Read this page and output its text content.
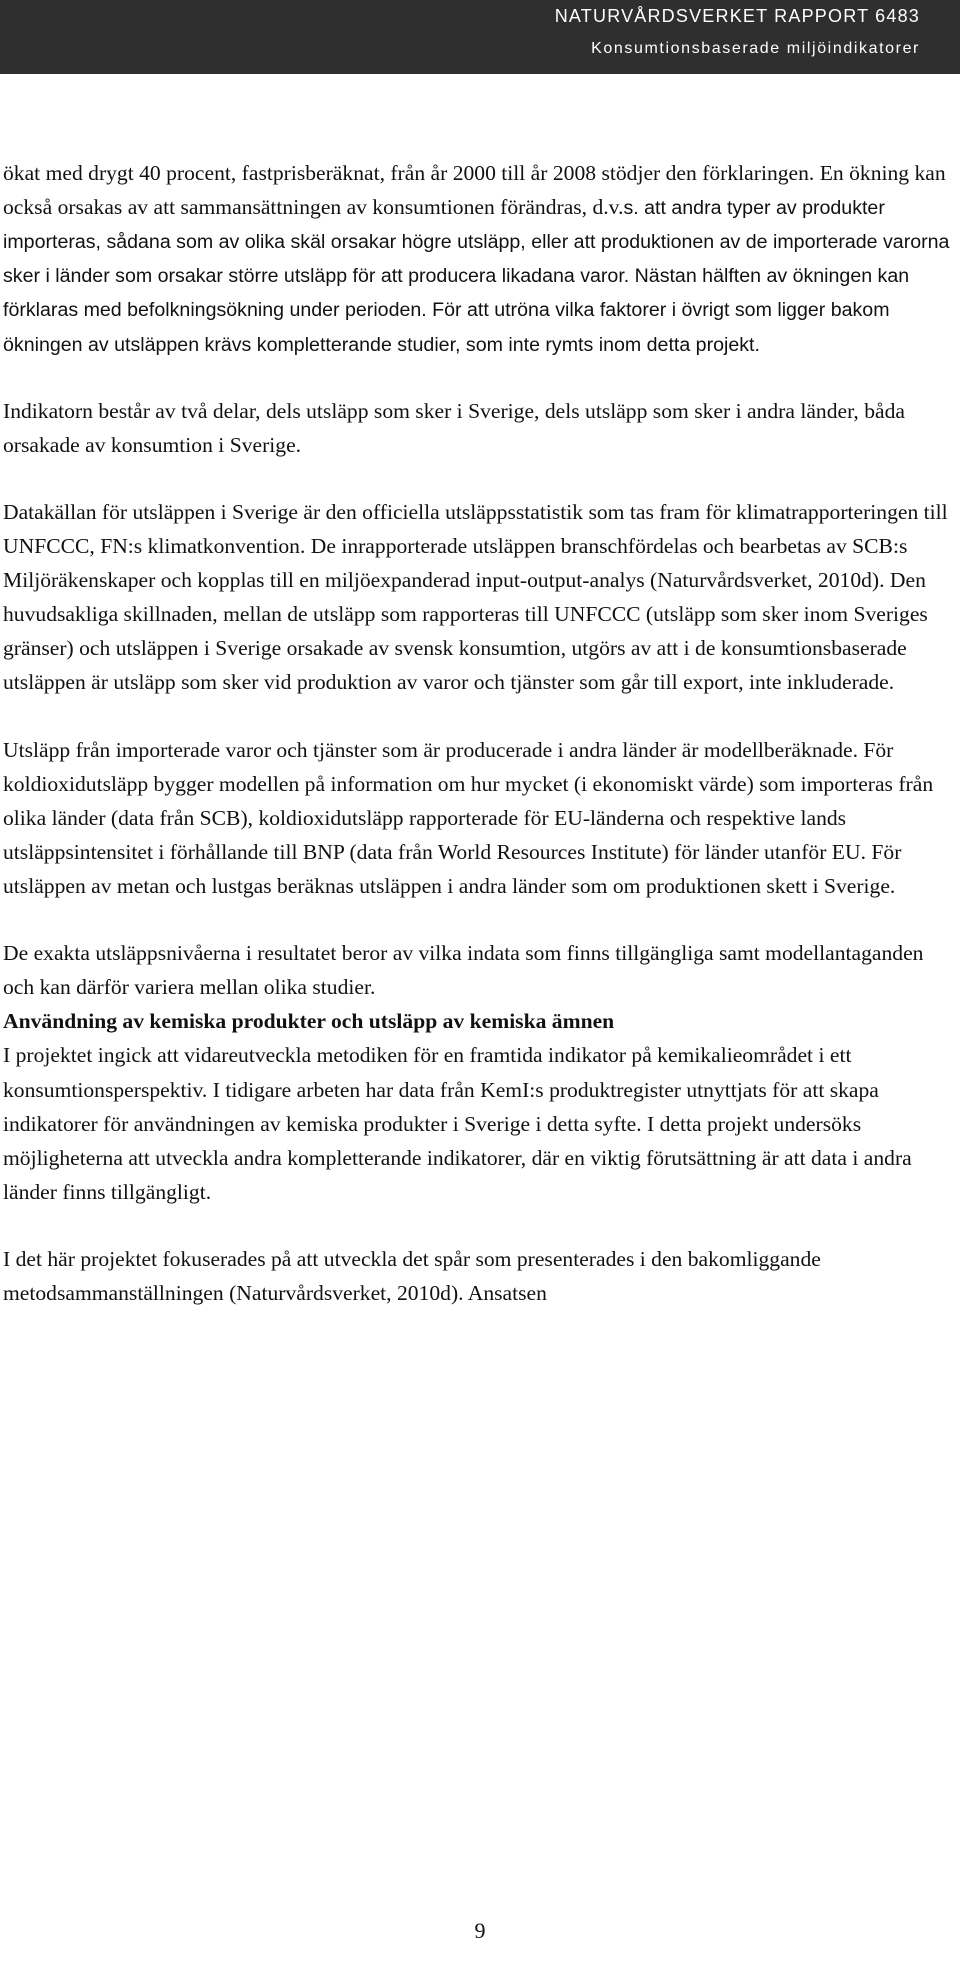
NATURVÅRDSVERKET RAPPORT 6483
Konsumtionsbaserade miljöindikatorer

ökat med drygt 40 procent, fastprisberäknat, från år 2000 till år 2008 stödjer den förklaringen. En ökning kan också orsakas av att sammansättningen av konsumtionen förändras, d.v.s. att andra typer av produkter importeras, sådana som av olika skäl orsakar högre utsläpp, eller att produktionen av de importerade varorna sker i länder som orsakar större utsläpp för att producera likadana varor. Nästan hälften av ökningen kan förklaras med befolkningsökning under perioden. För att utröna vilka faktorer i övrigt som ligger bakom ökningen av utsläppen krävs kompletterande studier, som inte rymts inom detta projekt.

Indikatorn består av två delar, dels utsläpp som sker i Sverige, dels utsläpp som sker i andra länder, båda orsakade av konsumtion i Sverige.

Datakällan för utsläppen i Sverige är den officiella utsläppsstatistik som tas fram för klimatrapporteringen till UNFCCC, FN:s klimatkonvention. De inrapporterade utsläppen branschfördelas och bearbetas av SCB:s Miljöräkenskaper och kopplas till en miljöexpanderad input-output-analys (Naturvårdsverket, 2010d). Den huvudsakliga skillnaden, mellan de utsläpp som rapporteras till UNFCCC (utsläpp som sker inom Sveriges gränser) och utsläppen i Sverige orsakade av svensk konsumtion, utgörs av att i de konsumtionsbaserade utsläppen är utsläpp som sker vid produktion av varor och tjänster som går till export, inte inkluderade.

Utsläpp från importerade varor och tjänster som är producerade i andra länder är modellberäknade. För koldioxidutsläpp bygger modellen på information om hur mycket (i ekonomiskt värde) som importeras från olika länder (data från SCB), koldioxidutsläpp rapporterade för EU-länderna och respektive lands utsläppsintensitet i förhållande till BNP (data från World Resources Institute) för länder utanför EU. För utsläppen av metan och lustgas beräknas utsläppen i andra länder som om produktionen skett i Sverige.

De exakta utsläppsnivåerna i resultatet beror av vilka indata som finns tillgängliga samt modellantaganden och kan därför variera mellan olika studier.

Användning av kemiska produkter och utsläpp av kemiska ämnen

I projektet ingick att vidareutveckla metodiken för en framtida indikator på kemikalieområdet i ett konsumtionsperspektiv. I tidigare arbeten har data från KemI:s produktregister utnyttjats för att skapa indikatorer för användningen av kemiska produkter i Sverige i detta syfte. I detta projekt undersöks möjligheterna att utveckla andra kompletterande indikatorer, där en viktig förutsättning är att data i andra länder finns tillgängligt.

I det här projektet fokuserades på att utveckla det spår som presenterades i den bakomliggande metodsammanställningen (Naturvårdsverket, 2010d). Ansatsen

9
